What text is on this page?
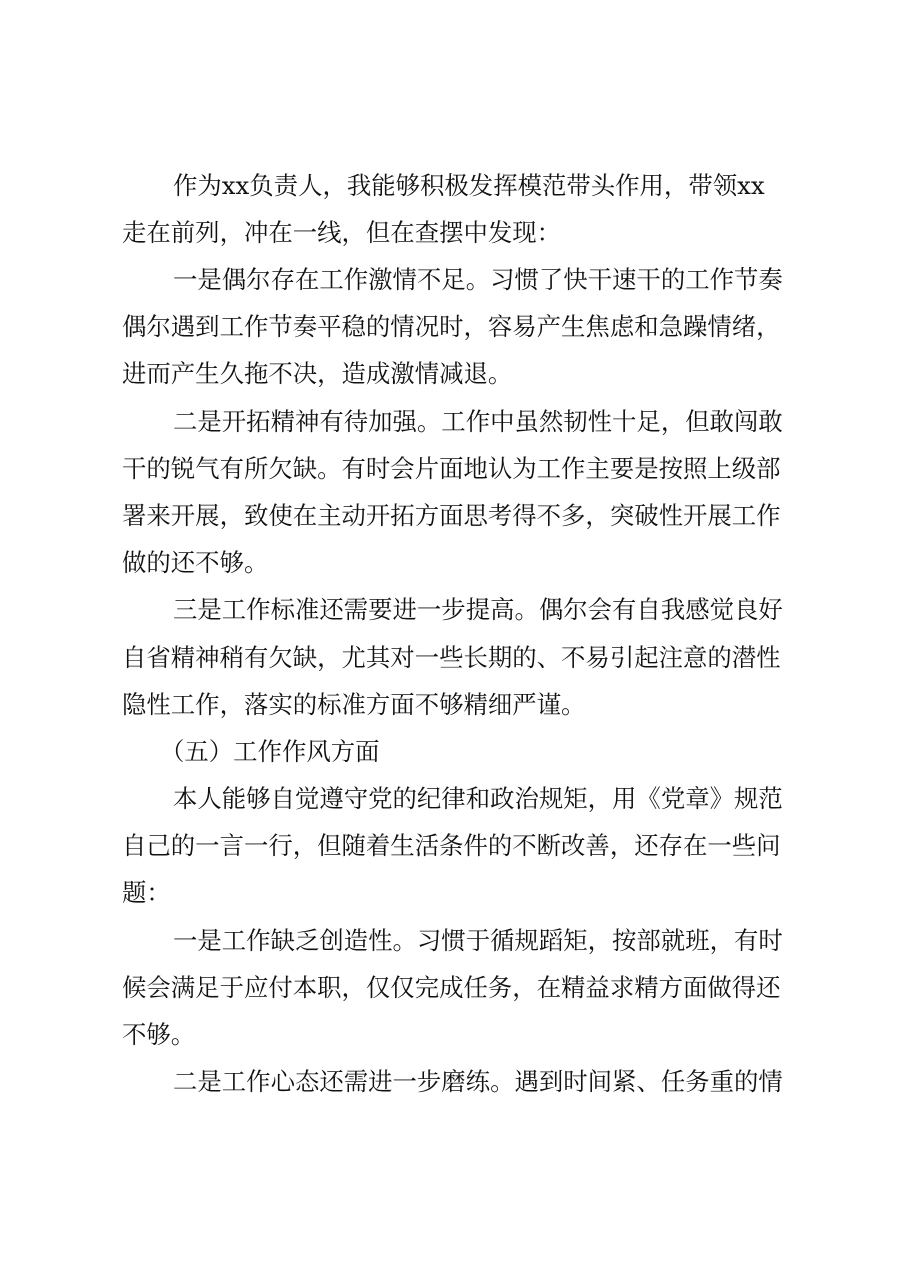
作为xx负责人，我能够积极发挥模范带头作用，带领xx
走在前列，冲在一线，但在查摆中发现：
一是偶尔存在工作激情不足。习惯了快干速干的工作节奏
偶尔遇到工作节奏平稳的情况时，容易产生焦虑和急躁情绪，
进而产生久拖不决，造成激情减退。
二是开拓精神有待加强。工作中虽然韧性十足，但敢闯敢
干的锐气有所欠缺。有时会片面地认为工作主要是按照上级部
署来开展，致使在主动开拓方面思考得不多，突破性开展工作
做的还不够。
三是工作标准还需要进一步提高。偶尔会有自我感觉良好
自省精神稍有欠缺，尤其对一些长期的、不易引起注意的潜性
隐性工作，落实的标准方面不够精细严谨。
（五）工作作风方面
本人能够自觉遵守党的纪律和政治规矩，用《党章》规范
自己的一言一行，但随着生活条件的不断改善，还存在一些问
题：
一是工作缺乏创造性。习惯于循规蹈矩，按部就班，有时
候会满足于应付本职，仅仅完成任务，在精益求精方面做得还
不够。
二是工作心态还需进一步磨练。遇到时间紧、任务重的情
